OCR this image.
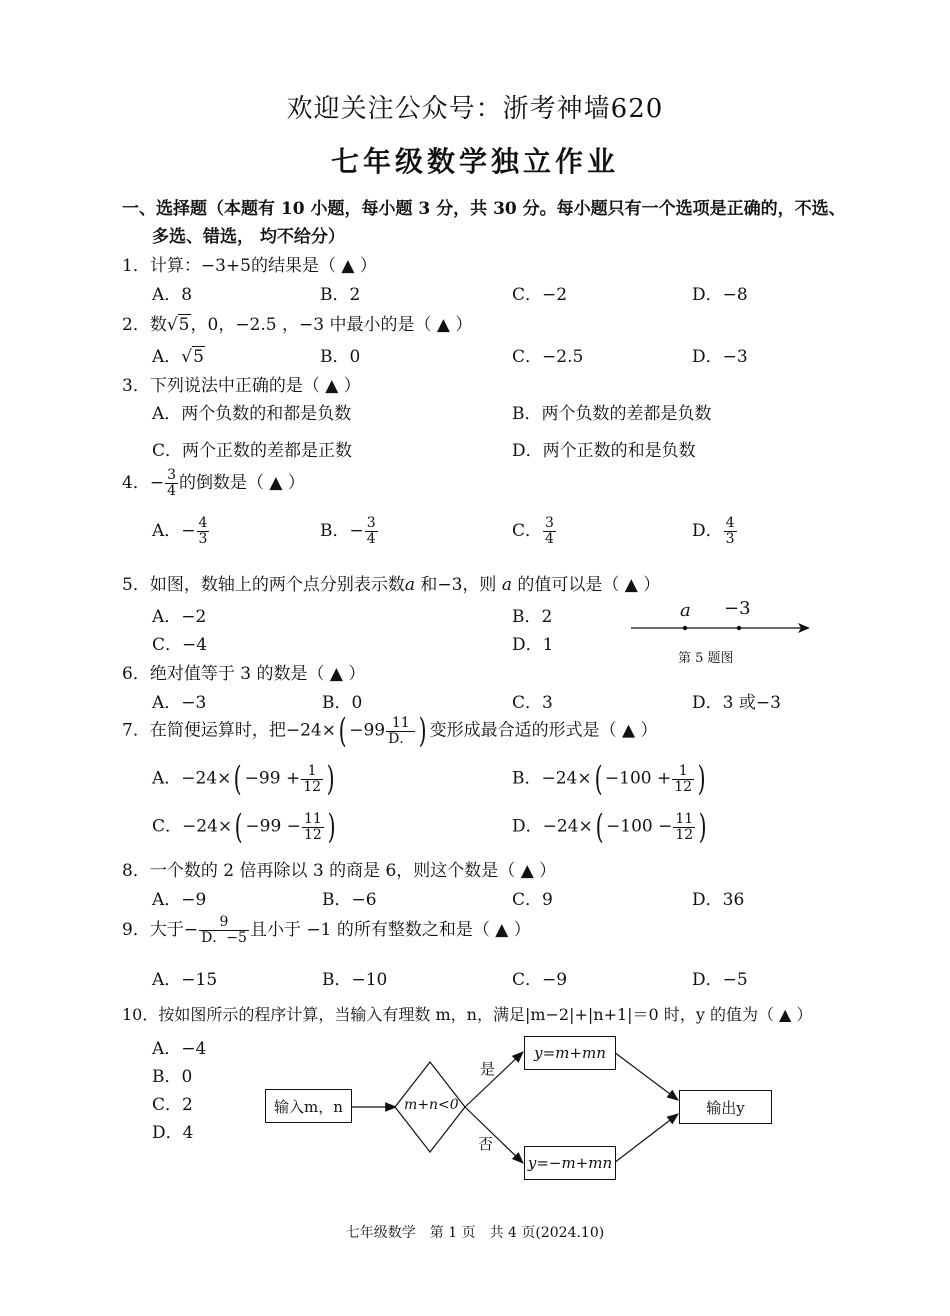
欢迎关注公众号：浙考神墙620
七年级数学独立作业
一、选择题（本题有 10 小题，每小题 3 分，共 30 分。每小题只有一个选项是正确的，不选、
多选、错选， 均不给分）
1．计算：−3+5的结果是（ ▲ ）
A．8	B．2	C．−2	D．−8
2．数√5，0，−2.5 ，−3 中最小的是（ ▲ ）
A．√5	B．0	C．−2.5	D．−3
3．下列说法中正确的是（ ▲ ）
A．两个负数的和都是负数	B．两个负数的差都是负数
C．两个正数的差都是正数	D．两个正数的和是负数
4．− $\frac{3}{4}$ 的倒数是（ ▲ ）
A．− $\frac{4}{3}$	B．− $\frac{3}{4}$	C． $\frac{3}{4}$	D． $\frac{4}{3}$
5．如图，数轴上的两个点分别表示数a 和−3，则 a 的值可以是（ ▲ ）
A．−2	B．2
C．−4	D．1
a −3
第 5 题图
6．绝对值等于 3 的数是（ ▲ ）
A．−3	B．0	C．3	D．3 或−3
7．在简便运算时，把$-24\times( -99 \frac{11}{D.}$ ) 变形成最合适的形式是（ ▲ ）
A．$-24\times( -99 + \frac{1}{12}$ )	B．$-24\times( -100 + \frac{1}{12}$ )
C．$-24\times( -99 - \frac{11}{12}$ )	D．$-24\times( -100 - \frac{11}{12}$ )
8．一个数的 2 倍再除以 3 的商是 6，则这个数是（ ▲ ）
A．−9	B．−6	C．9	D．36
9．大于− $\frac{9}{D.-5}$ 且小于 −1 的所有整数之和是（ ▲ ）
A．−15	B．−10	C．−9	D．−5
10．按如图所示的程序计算，当输入有理数 m，n，满足|m−2|+|n+1|＝0 时，y 的值为（ ▲ ）
A．−4
B．0
C．2
D．4
输入m，n	m+n<0
是
否
y=m+mn
y=−m+mn
输出y
七年级数学　第 1 页　共 4 页(2024.10)
